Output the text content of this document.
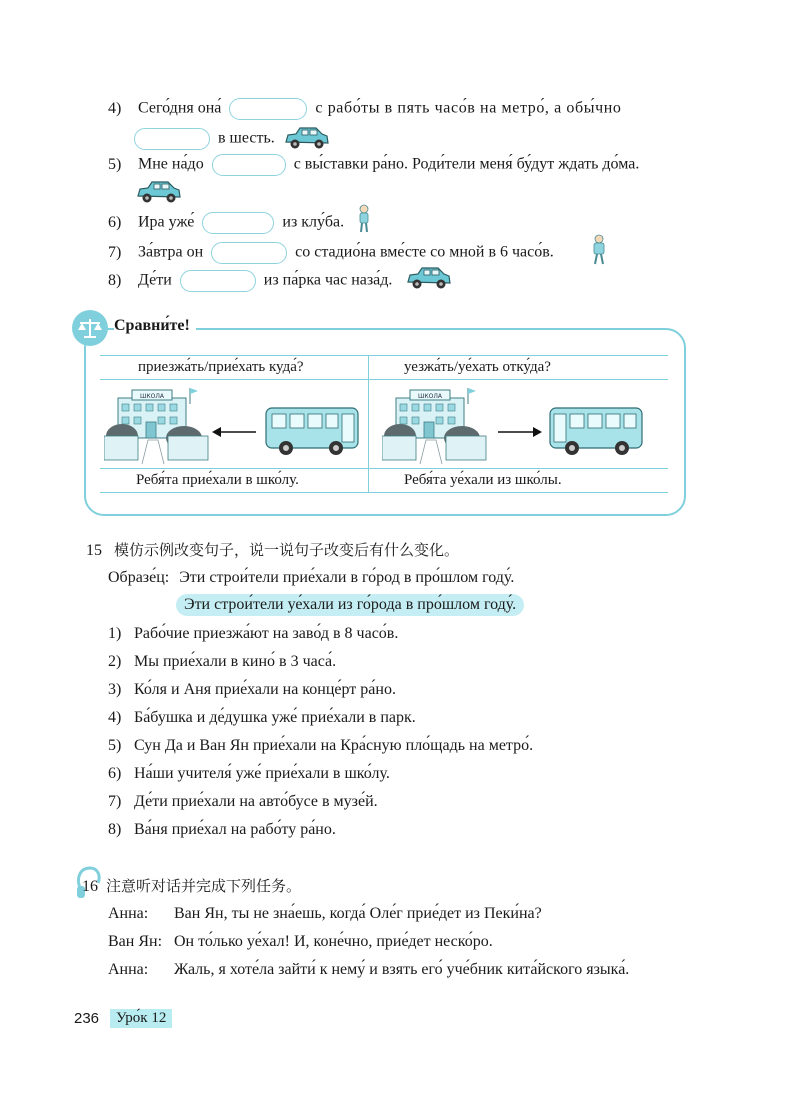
4) Сего́дня она́	с рабо́ты в пять часо́в на метро́, а обы́чно
в шесть.
5) Мне на́до	с вы́ставки ра́но. Роди́тели меня́ бу́дут ждать до́ма.
6) Ира уже́	из клу́ба.
7) За́втра он	со стадио́на вме́сте со мной в 6 часо́в.
8) Де́ти	из па́рка час наза́д.
Сравни́те!
приезжа́ть/прие́хать куда́?	уезжа́ть/уе́хать отку́да?
Ребя́та прие́хали в шко́лу.	Ребя́та уе́хали из шко́лы.
ШКОЛА	ШКОЛА
15 模仿示例改变句子，说一说句子改变后有什么变化。
Образе́ц: Эти строи́тели прие́хали в го́род в про́шлом году́.
Эти строи́тели уе́хали из го́рода в про́шлом году́.
1) Рабо́чие приезжа́ют на заво́д в 8 часо́в.
2) Мы прие́хали в кино́ в 3 часа́.
3) Ко́ля и Аня прие́хали на конце́рт ра́но.
4) Ба́бушка и де́душка уже́ прие́хали в парк.
5) Сун Да и Ван Ян прие́хали на Кра́сную пло́щадь на метро́.
6) На́ши учителя́ уже́ прие́хали в шко́лу.
7) Де́ти прие́хали на авто́бусе в музе́й.
8) Ва́ня прие́хал на рабо́ту ра́но.
16 注意听对话并完成下列任务。
Анна: Ван Ян, ты не зна́ешь, когда́ Оле́г прие́дет из Пеки́на?
Ван Ян: Он то́лько уе́хал! И, коне́чно, прие́дет неско́ро.
Анна: Жаль, я хоте́ла зайти́ к нему́ и взять его́ уче́бник кита́йского языка́.
236	Уро́к 12
